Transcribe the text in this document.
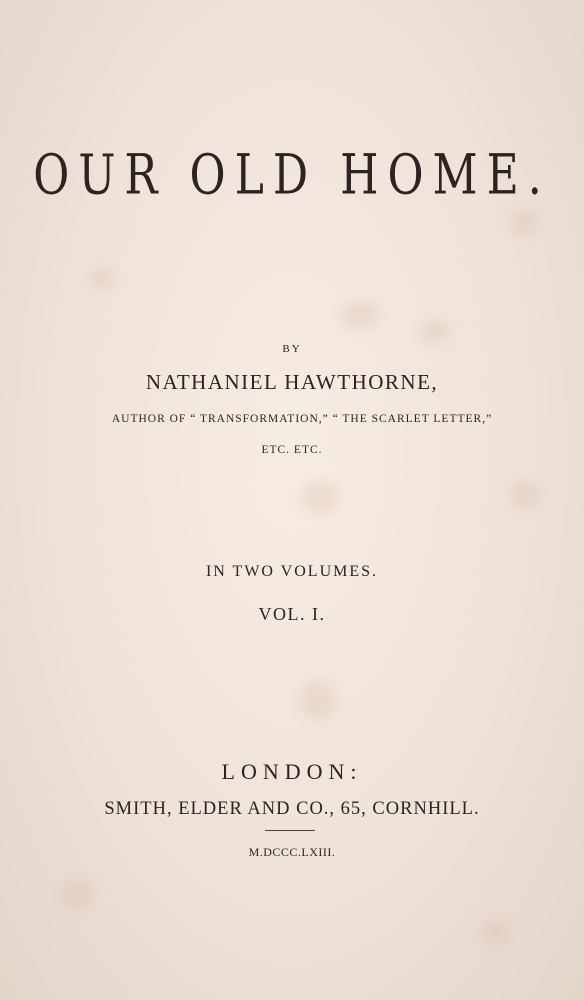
OUR OLD HOME.
BY
NATHANIEL HAWTHORNE,
AUTHOR OF “ TRANSFORMATION,” “ THE SCARLET LETTER,”
ETC. ETC.
IN TWO VOLUMES.
VOL. I.
LONDON:
SMITH, ELDER AND CO., 65, CORNHILL.
M.DCCC.LXIII.
